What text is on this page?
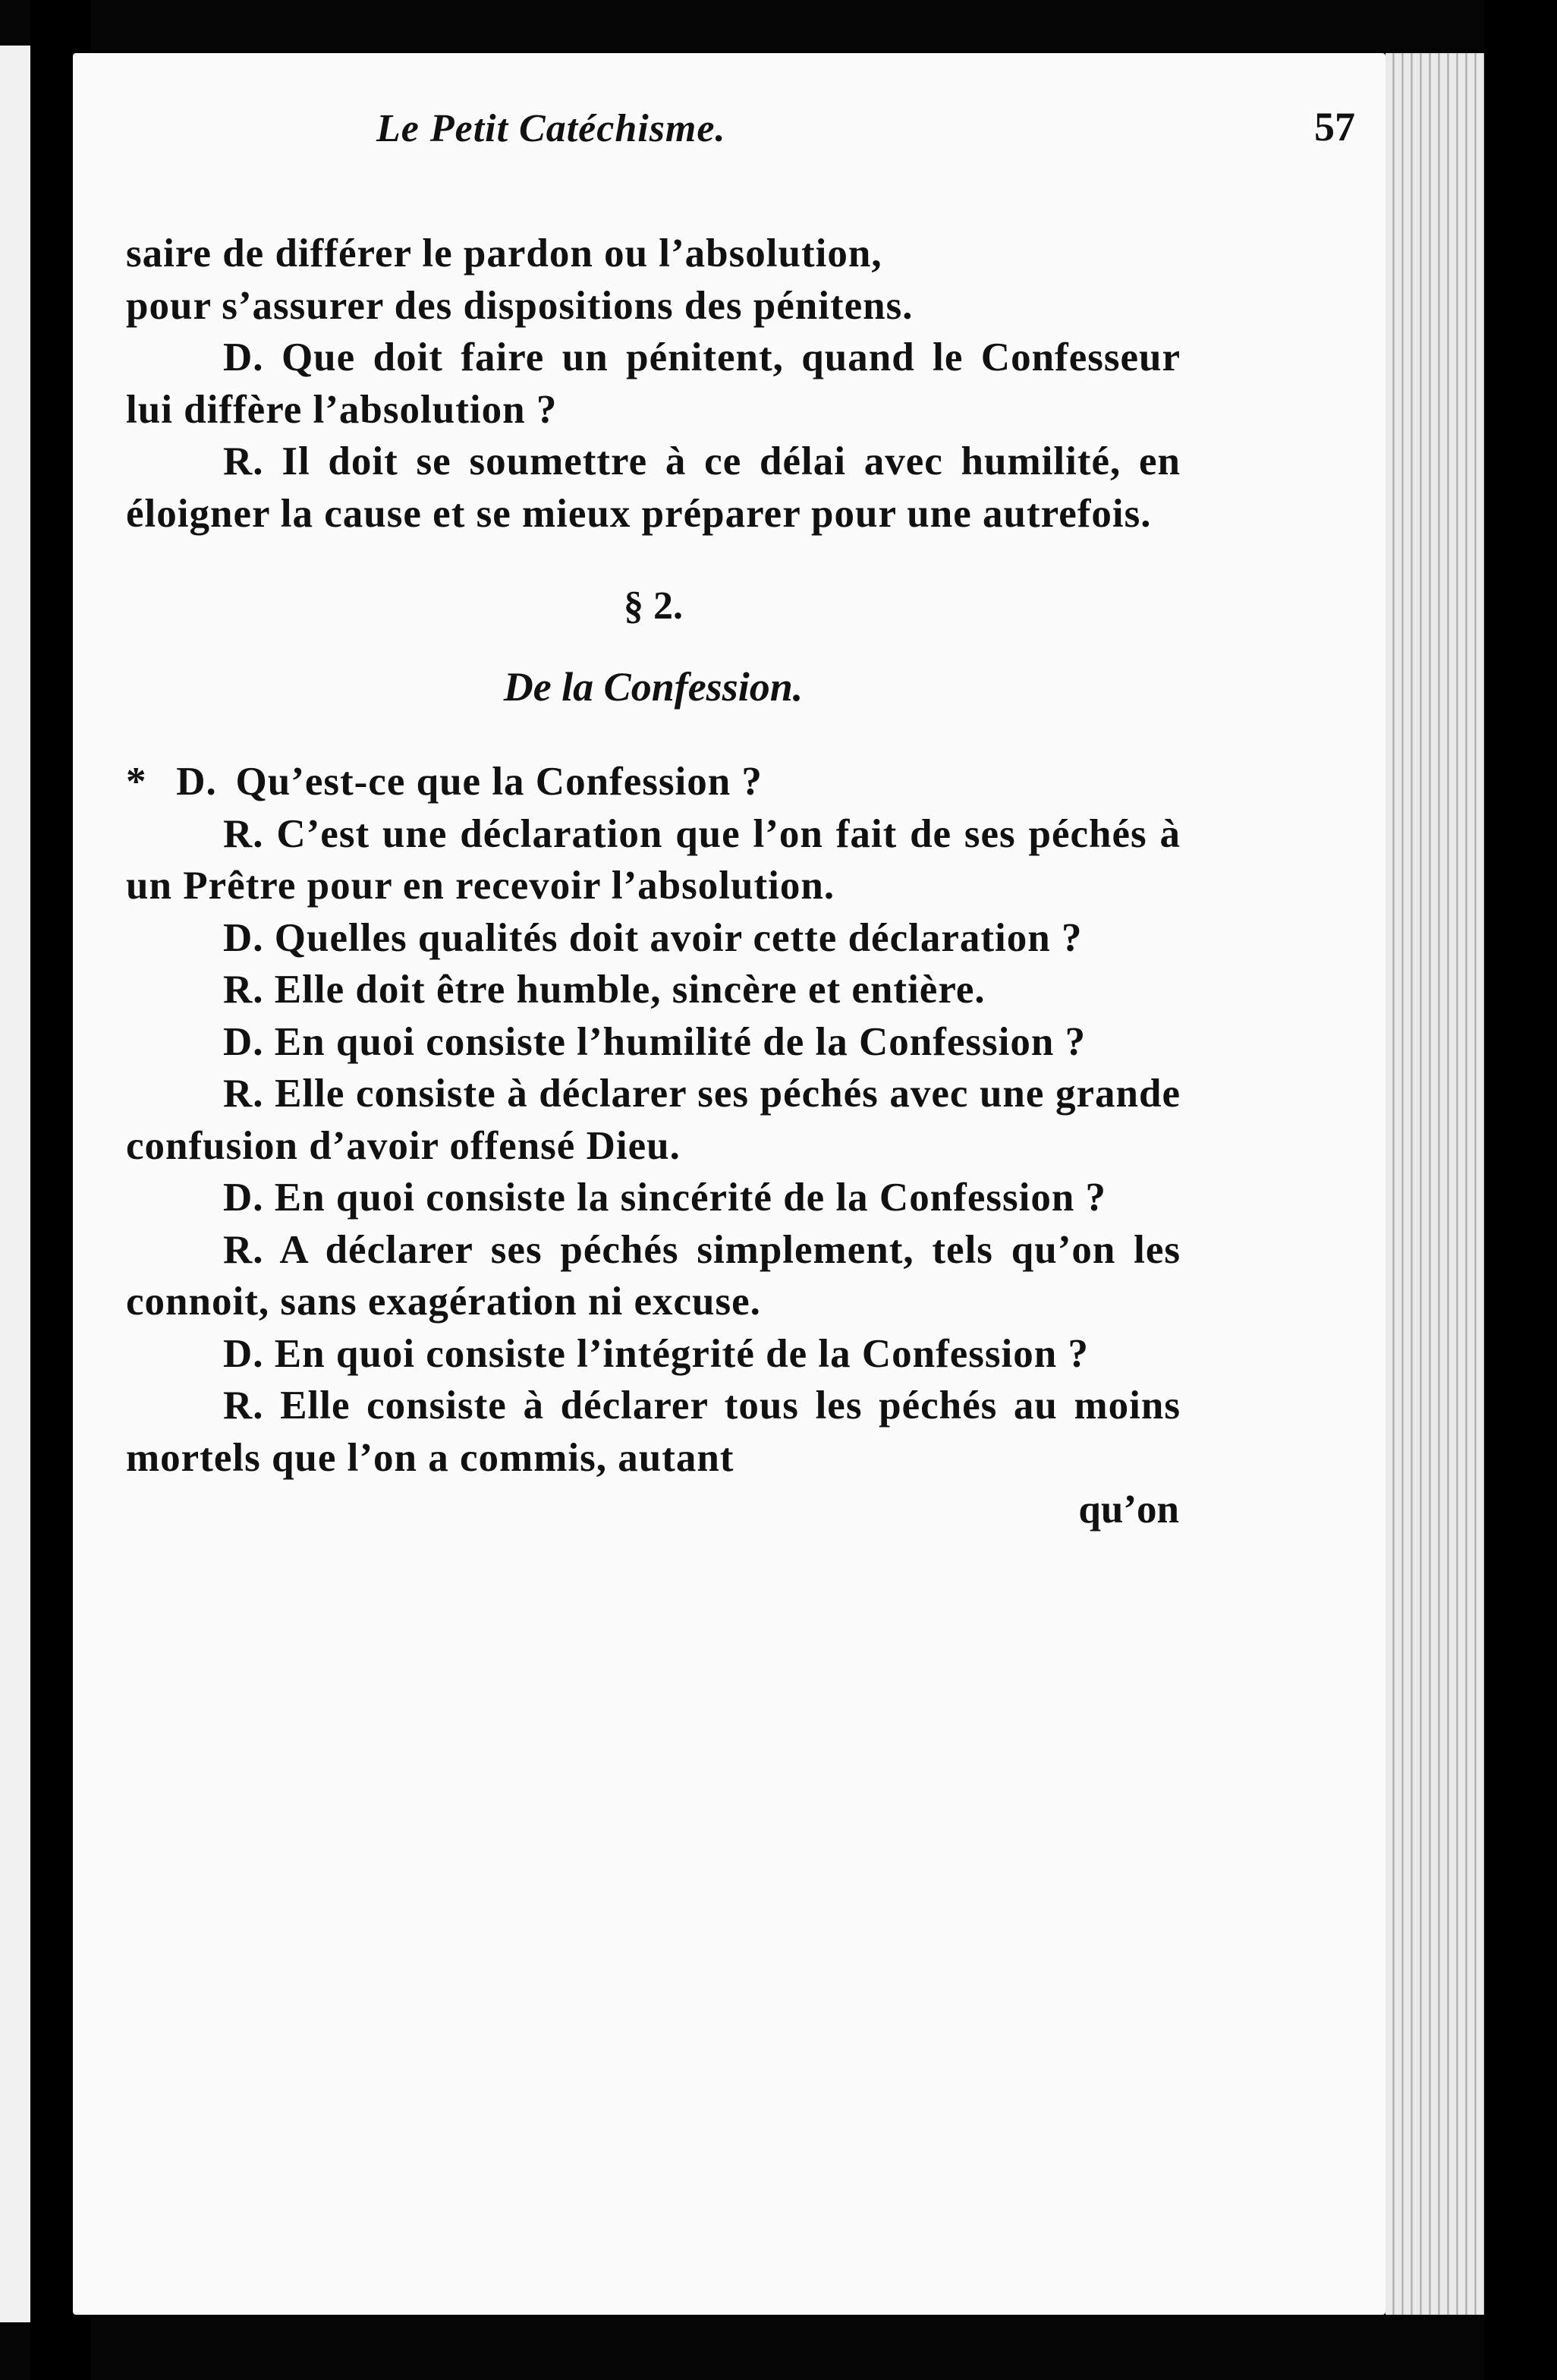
Le Petit Catéchisme.	57

saire de différer le pardon ou l’absolution,

pour s’assurer des dispositions des pénitens.

D. Que doit faire un pénitent, quand le Confesseur lui diffère l’absolution ?

R. Il doit se soumettre à ce délai avec humilité, en éloigner la cause et se mieux préparer pour une autrefois.

§ 2.
De la Confession.

* D. Qu’est-ce que la Confession ?

R. C’est une déclaration que l’on fait de ses péchés à un Prêtre pour en recevoir l’absolution.

D. Quelles qualités doit avoir cette déclaration ?

R. Elle doit être humble, sincère et entière.

D. En quoi consiste l’humilité de la Confession ?

R. Elle consiste à déclarer ses péchés avec une grande confusion d’avoir offensé Dieu.

D. En quoi consiste la sincérité de la Confession ?

R. A déclarer ses péchés simplement, tels qu’on les connoit, sans exagération ni excuse.

D. En quoi consiste l’intégrité de la Confession ?

R. Elle consiste à déclarer tous les péchés au moins mortels que l’on a commis, autant

qu’on
